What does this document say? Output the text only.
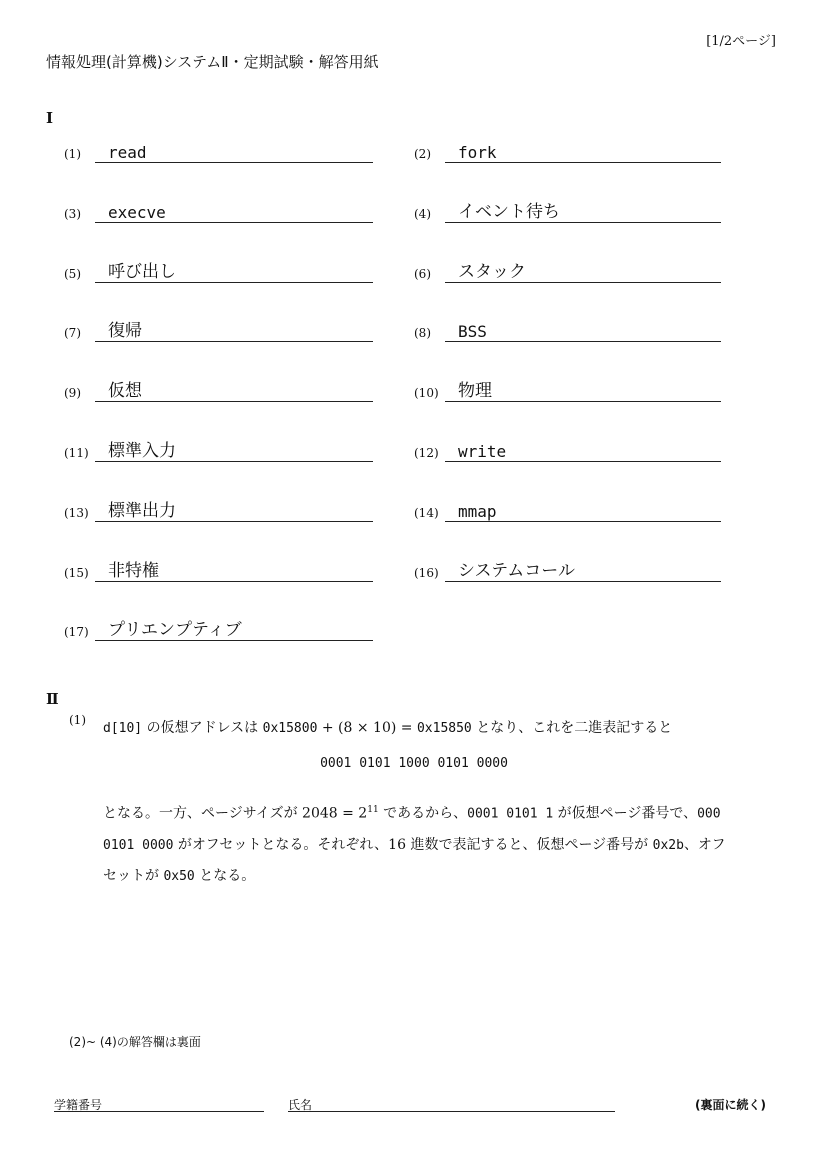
[1/2ページ]
情報処理(計算機)システムⅡ・定期試験・解答用紙
I
(1) read	(2) fork
(3) execve	(4) イベント待ち
(5) 呼び出し	(6) スタック
(7) 復帰	(8) BSS
(9) 仮想	(10) 物理
(11) 標準入力	(12) write
(13) 標準出力	(14) mmap
(15) 非特権	(16) システムコール
(17) プリエンプティブ
Ⅱ
(1)
d[10] の仮想アドレスは 0x15800 + (8 × 10) = 0x15850 となり、これを二進表記すると
0001 0101 1000 0101 0000
となる。一方、ページサイズが $2048 = 2^{11}$ であるから、0001 0101 1 が仮想ページ番号で、000 0101 0000 がオフセットとなる。それぞれ、16 進数で表記すると、仮想ページ番号が 0x2b、オフセットが 0x50 となる。
(2)~ (4)の解答欄は裏面
学籍番号	氏名	(裏面に続く)
